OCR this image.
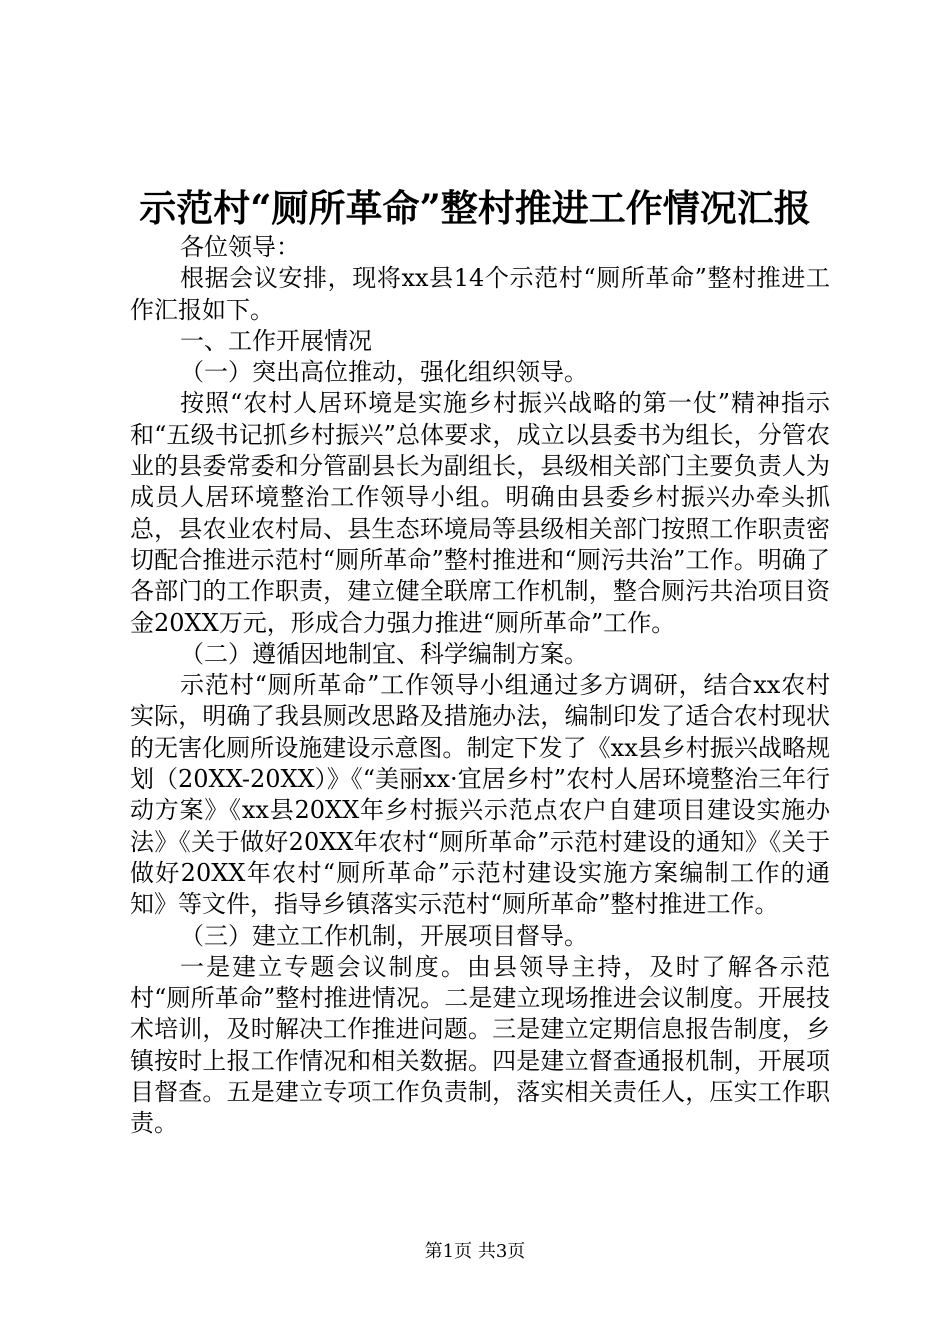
示范村“厕所革命”整村推进工作情况汇报

各位领导：

根据会议安排，现将xx县14个示范村“厕所革命”整村推进工作汇报如下。

一、工作开展情况

（一）突出高位推动，强化组织领导。

按照“农村人居环境是实施乡村振兴战略的第一仗”精神指示和“五级书记抓乡村振兴”总体要求，成立以县委书为组长，分管农业的县委常委和分管副县长为副组长，县级相关部门主要负责人为成员人居环境整治工作领导小组。明确由县委乡村振兴办牵头抓总，县农业农村局、县生态环境局等县级相关部门按照工作职责密切配合推进示范村“厕所革命”整村推进和“厕污共治”工作。明确了各部门的工作职责，建立健全联席工作机制，整合厕污共治项目资金20XX万元，形成合力强力推进“厕所革命”工作。

（二）遵循因地制宜、科学编制方案。

示范村“厕所革命”工作领导小组通过多方调研，结合xx农村实际，明确了我县厕改思路及措施办法，编制印发了适合农村现状的无害化厕所设施建设示意图。制定下发了《xx县乡村振兴战略规划（20XX-20XX）》《“美丽xx·宜居乡村”农村人居环境整治三年行动方案》《xx县20XX年乡村振兴示范点农户自建项目建设实施办法》《关于做好20XX年农村“厕所革命”示范村建设的通知》《关于做好20XX年农村“厕所革命”示范村建设实施方案编制工作的通知》等文件，指导乡镇落实示范村“厕所革命”整村推进工作。

（三）建立工作机制，开展项目督导。

一是建立专题会议制度。由县领导主持，及时了解各示范村“厕所革命”整村推进情况。二是建立现场推进会议制度。开展技术培训，及时解决工作推进问题。三是建立定期信息报告制度，乡镇按时上报工作情况和相关数据。四是建立督查通报机制，开展项目督查。五是建立专项工作负责制，落实相关责任人，压实工作职责。

第1页 共3页
